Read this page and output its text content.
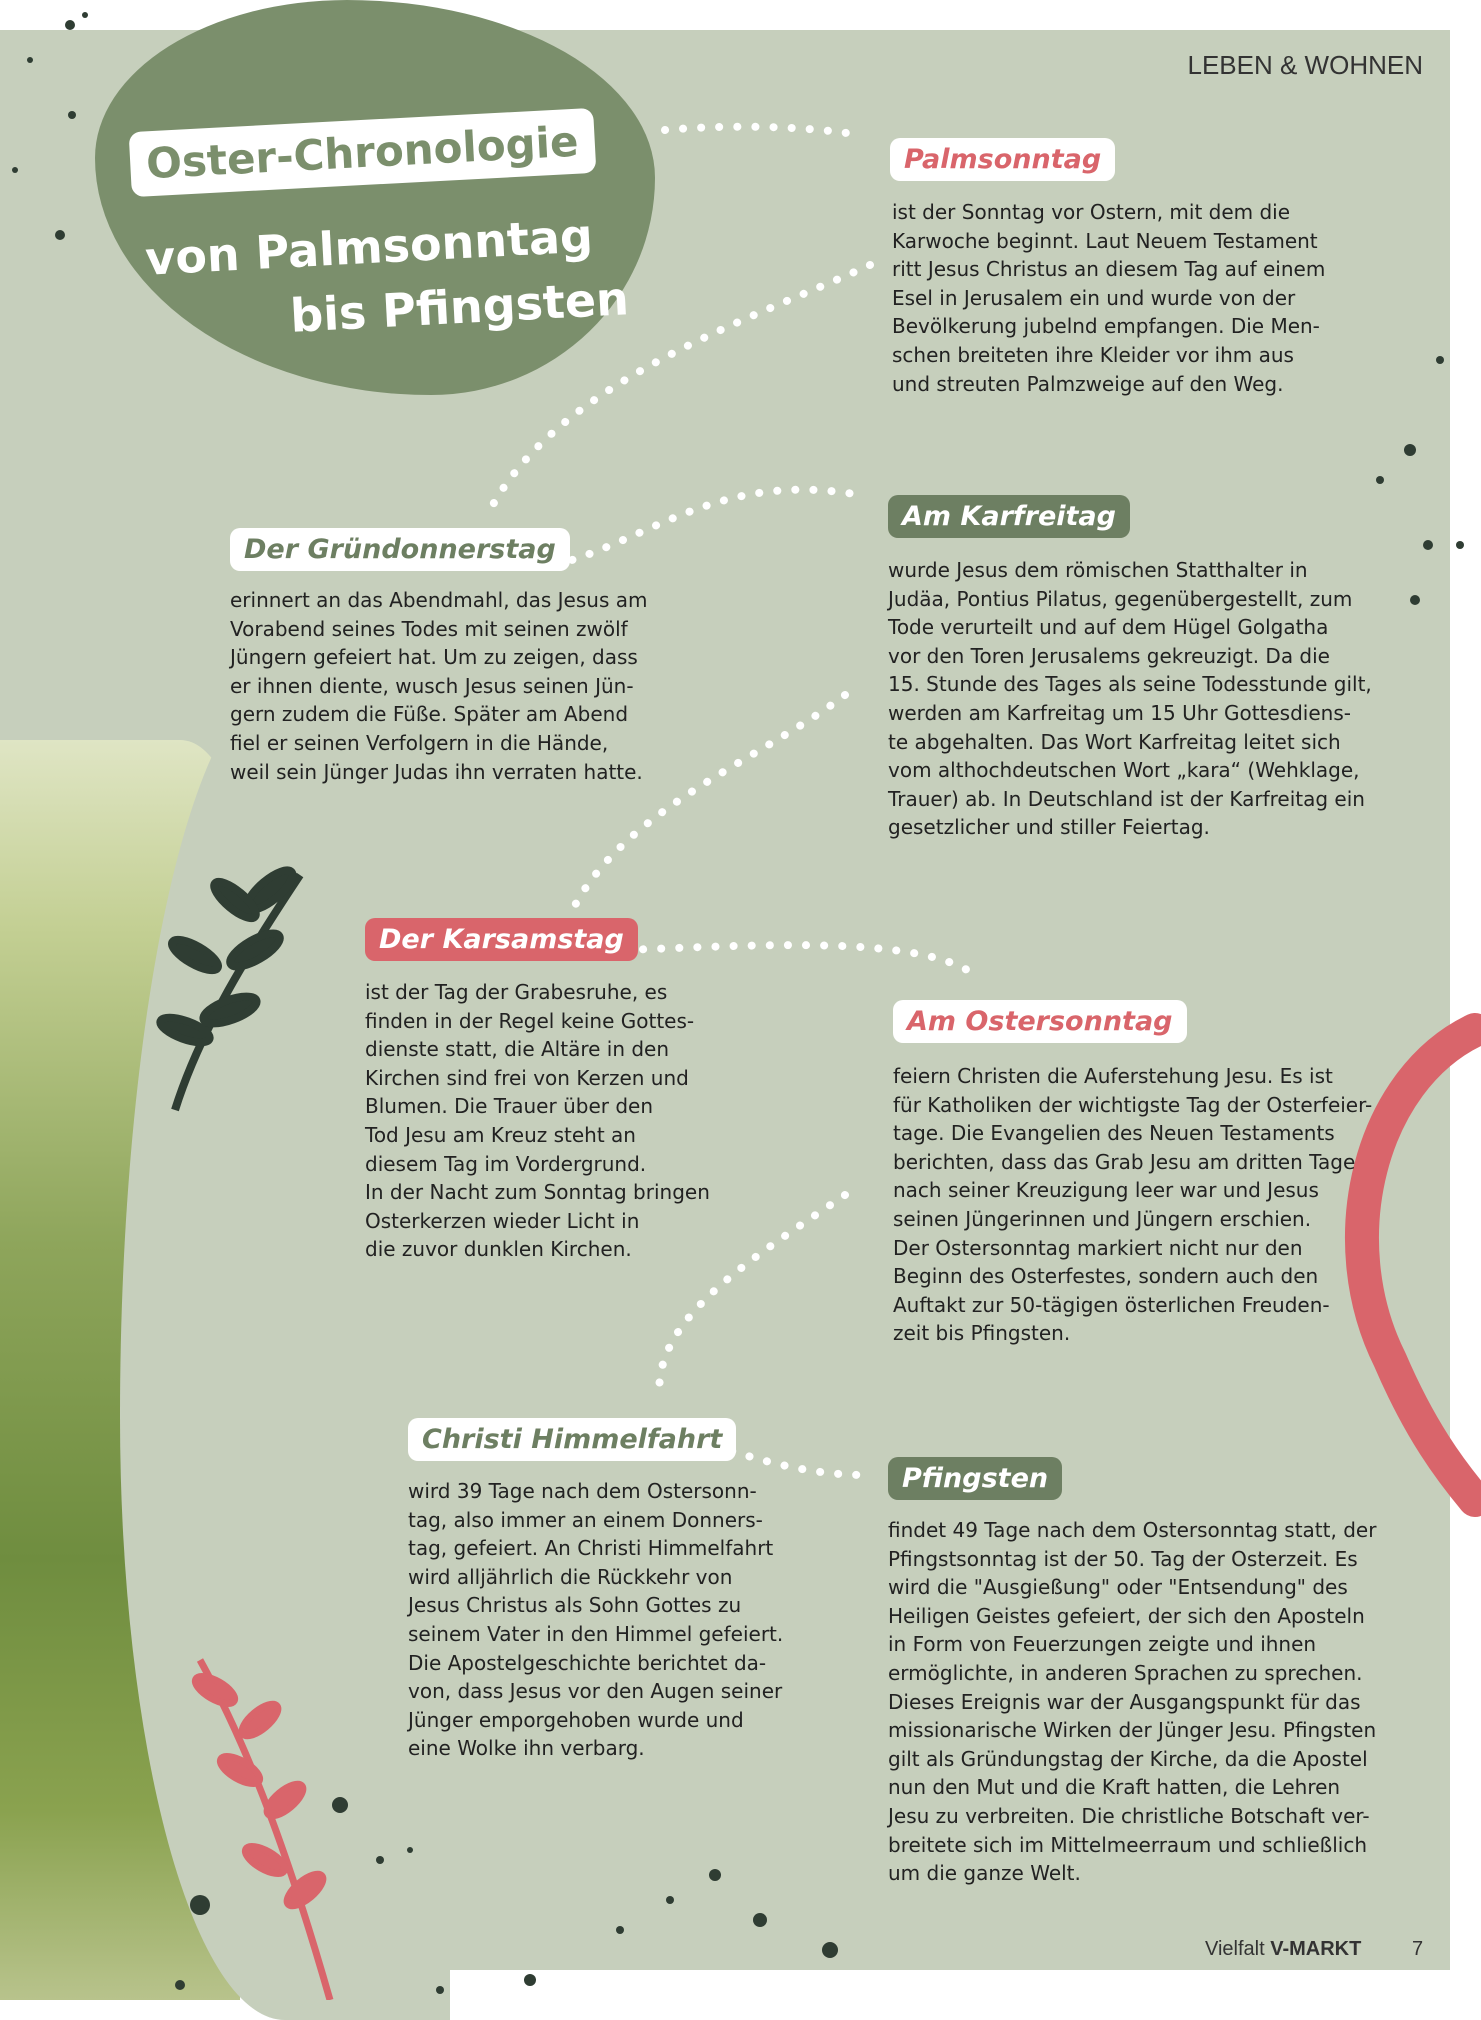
LEBEN & WOHNEN
Oster-Chronologie
von Palmsonntag
bis Pfingsten
Palmsonntag

ist der Sonntag vor Ostern, mit dem die
Karwoche beginnt. Laut Neuem Testament
ritt Jesus Christus an diesem Tag auf einem
Esel in Jerusalem ein und wurde von der
Bevölkerung jubelnd empfangen. Die Men-
schen breiteten ihre Kleider vor ihm aus
und streuten Palmzweige auf den Weg.

Der Gründonnerstag

erinnert an das Abendmahl, das Jesus am
Vorabend seines Todes mit seinen zwölf
Jüngern gefeiert hat. Um zu zeigen, dass
er ihnen diente, wusch Jesus seinen Jün-
gern zudem die Füße. Später am Abend
fiel er seinen Verfolgern in die Hände,
weil sein Jünger Judas ihn verraten hatte.

Am Karfreitag

wurde Jesus dem römischen Statthalter in
Judäa, Pontius Pilatus, gegenübergestellt, zum
Tode verurteilt und auf dem Hügel Golgatha
vor den Toren Jerusalems gekreuzigt. Da die
15. Stunde des Tages als seine Todesstunde gilt,
werden am Karfreitag um 15 Uhr Gottesdiens-
te abgehalten. Das Wort Karfreitag leitet sich
vom althochdeutschen Wort „kara“ (Wehklage,
Trauer) ab. In Deutschland ist der Karfreitag ein
gesetzlicher und stiller Feiertag.

Der Karsamstag

ist der Tag der Grabesruhe, es
finden in der Regel keine Gottes-
dienste statt, die Altäre in den
Kirchen sind frei von Kerzen und
Blumen. Die Trauer über den
Tod Jesu am Kreuz steht an
diesem Tag im Vordergrund.
In der Nacht zum Sonntag bringen
Osterkerzen wieder Licht in
die zuvor dunklen Kirchen.

Am Ostersonntag

feiern Christen die Auferstehung Jesu. Es ist
für Katholiken der wichtigste Tag der Osterfeier-
tage. Die Evangelien des Neuen Testaments
berichten, dass das Grab Jesu am dritten Tage
nach seiner Kreuzigung leer war und Jesus
seinen Jüngerinnen und Jüngern erschien.
Der Ostersonntag markiert nicht nur den
Beginn des Osterfestes, sondern auch den
Auftakt zur 50-tägigen österlichen Freuden-
zeit bis Pfingsten.

Christi Himmelfahrt

wird 39 Tage nach dem Ostersonn-
tag, also immer an einem Donners-
tag, gefeiert. An Christi Himmelfahrt
wird alljährlich die Rückkehr von
Jesus Christus als Sohn Gottes zu
seinem Vater in den Himmel gefeiert.
Die Apostelgeschichte berichtet da-
von, dass Jesus vor den Augen seiner
Jünger emporgehoben wurde und
eine Wolke ihn verbarg.

Pfingsten

findet 49 Tage nach dem Ostersonntag statt, der
Pfingstsonntag ist der 50. Tag der Osterzeit. Es
wird die "Ausgießung" oder "Entsendung" des
Heiligen Geistes gefeiert, der sich den Aposteln
in Form von Feuerzungen zeigte und ihnen
ermöglichte, in anderen Sprachen zu sprechen.
Dieses Ereignis war der Ausgangspunkt für das
missionarische Wirken der Jünger Jesu. Pfingsten
gilt als Gründungstag der Kirche, da die Apostel
nun den Mut und die Kraft hatten, die Lehren
Jesu zu verbreiten. Die christliche Botschaft ver-
breitete sich im Mittelmeerraum und schließlich
um die ganze Welt.

Vielfalt V-MARKT	7
